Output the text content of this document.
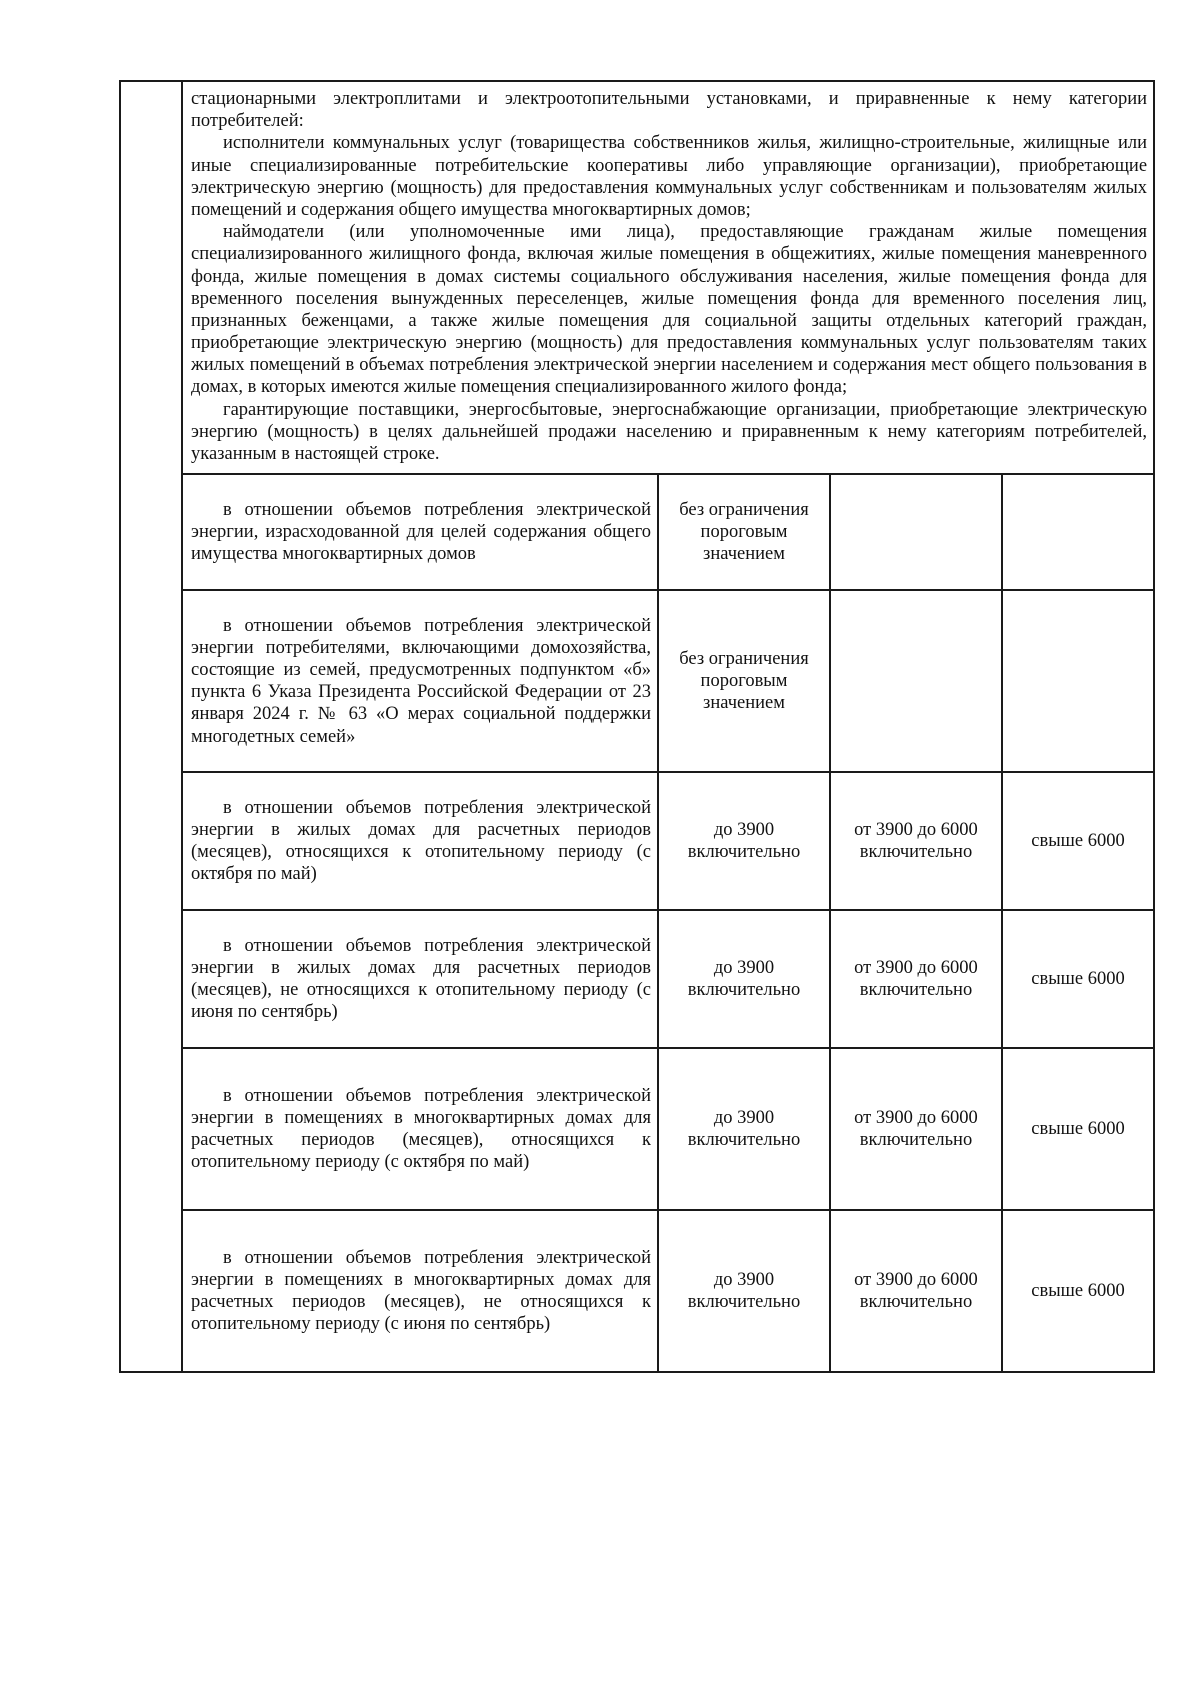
	стационарными электроплитами и электроотопительными установками, и приравненные к нему категории потребителей:

исполнители коммунальных услуг (товарищества собственников жилья, жилищно-строительные, жилищные или иные специализированные потребительские кооперативы либо управляющие организации), приобретающие электрическую энергию (мощность) для предоставления коммунальных услуг собственникам и пользователям жилых помещений и содержания общего имущества многоквартирных домов;

наймодатели (или уполномоченные ими лица), предоставляющие гражданам жилые помещения специализированного жилищного фонда, включая жилые помещения в общежитиях, жилые помещения маневренного фонда, жилые помещения в домах системы социального обслуживания населения, жилые помещения фонда для временного поселения вынужденных переселенцев, жилые помещения фонда для временного поселения лиц, признанных беженцами, а также жилые помещения для социальной защиты отдельных категорий граждан, приобретающие электрическую энергию (мощность) для предоставления коммунальных услуг пользователям таких жилых помещений в объемах потребления электрической энергии населением и содержания мест общего пользования в домах, в которых имеются жилые помещения специализированного жилого фонда;

гарантирующие поставщики, энергосбытовые, энергоснабжающие организации, приобретающие электрическую энергию (мощность) в целях дальнейшей продажи населению и приравненным к нему категориям потребителей, указанным в настоящей строке.			

	в отношении объемов потребления электрической энергии, израсходованной для целей содержания общего имущества многоквартирных домов	без ограничения пороговым значением		
	в отношении объемов потребления электрической энергии потребителями, включающими домохозяйства, состоящие из семей, предусмотренных подпунктом «б» пункта 6 Указа Президента Российской Федерации от 23 января 2024 г. № 63 «О мерах социальной поддержки многодетных семей»	без ограничения пороговым значением		
	в отношении объемов потребления электрической энергии в жилых домах для расчетных периодов (месяцев), относящихся к отопительному периоду (с октября по май)	до 3900 включительно	от 3900 до 6000 включительно	свыше 6000
	в отношении объемов потребления электрической энергии в жилых домах для расчетных периодов (месяцев), не относящихся к отопительному периоду (с июня по сентябрь)	до 3900 включительно	от 3900 до 6000 включительно	свыше 6000
	в отношении объемов потребления электрической энергии в помещениях в многоквартирных домах для расчетных периодов (месяцев), относящихся к отопительному периоду (с октября по май)	до 3900 включительно	от 3900 до 6000 включительно	свыше 6000
	в отношении объемов потребления электрической энергии в помещениях в многоквартирных домах для расчетных периодов (месяцев), не относящихся к отопительному периоду (с июня по сентябрь)	до 3900 включительно	от 3900 до 6000 включительно	свыше 6000
